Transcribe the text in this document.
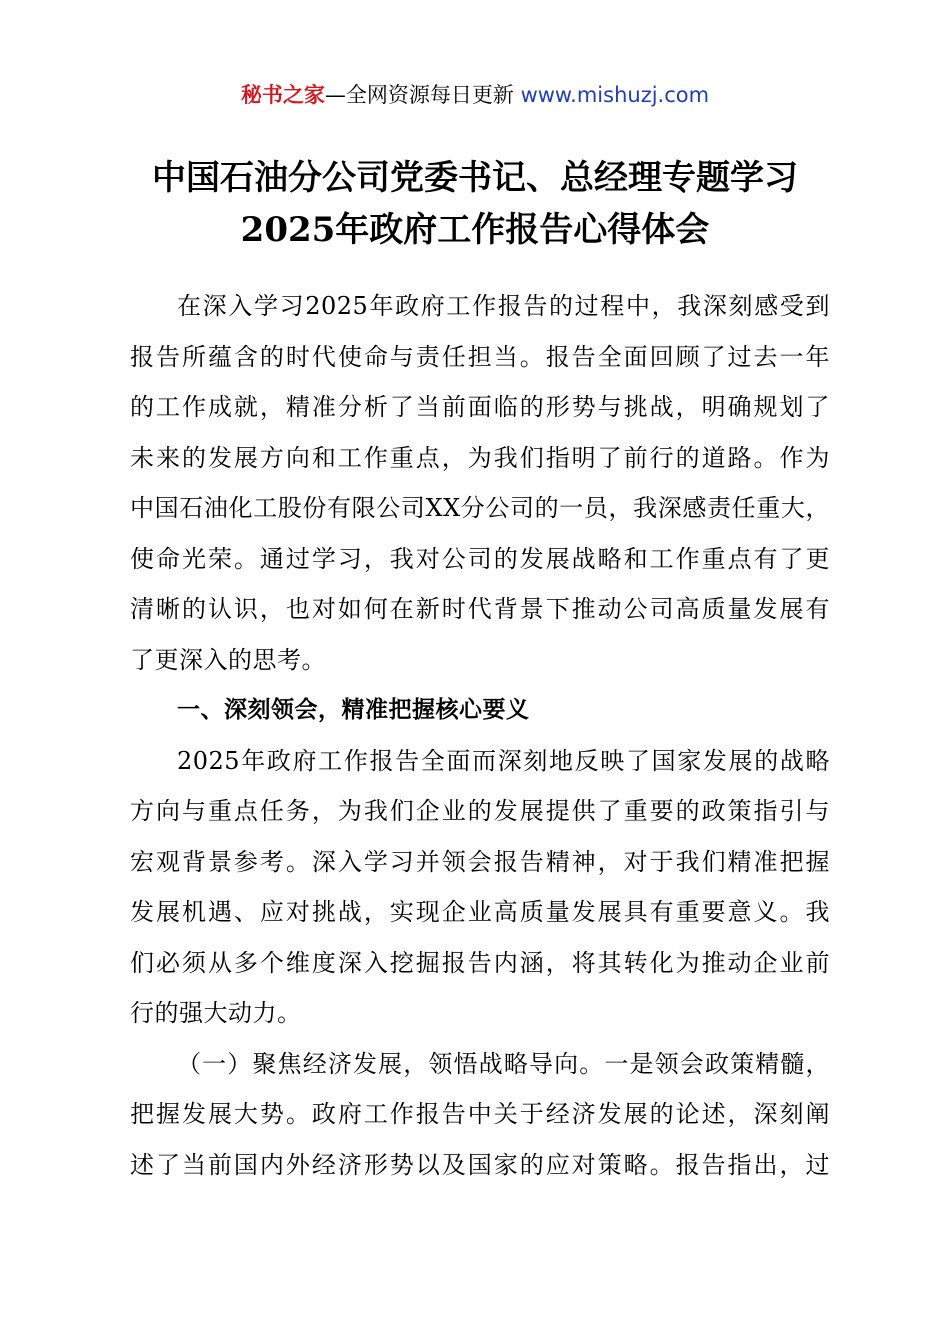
秘书之家—全网资源每日更新 www.mishuzj.com
中国石油分公司党委书记、总经理专题学习
2025年政府工作报告心得体会
在深入学习2025年政府工作报告的过程中，我深刻感受到
报告所蕴含的时代使命与责任担当。报告全面回顾了过去一年
的工作成就，精准分析了当前面临的形势与挑战，明确规划了
未来的发展方向和工作重点，为我们指明了前行的道路。作为
中国石油化工股份有限公司XX分公司的一员，我深感责任重大，
使命光荣。通过学习，我对公司的发展战略和工作重点有了更
清晰的认识，也对如何在新时代背景下推动公司高质量发展有
了更深入的思考。
一、深刻领会，精准把握核心要义
2025年政府工作报告全面而深刻地反映了国家发展的战略
方向与重点任务，为我们企业的发展提供了重要的政策指引与
宏观背景参考。深入学习并领会报告精神，对于我们精准把握
发展机遇、应对挑战，实现企业高质量发展具有重要意义。我
们必须从多个维度深入挖掘报告内涵，将其转化为推动企业前
行的强大动力。
（一）聚焦经济发展，领悟战略导向。一是领会政策精髓，
把握发展大势。政府工作报告中关于经济发展的论述，深刻阐
述了当前国内外经济形势以及国家的应对策略。报告指出，过
